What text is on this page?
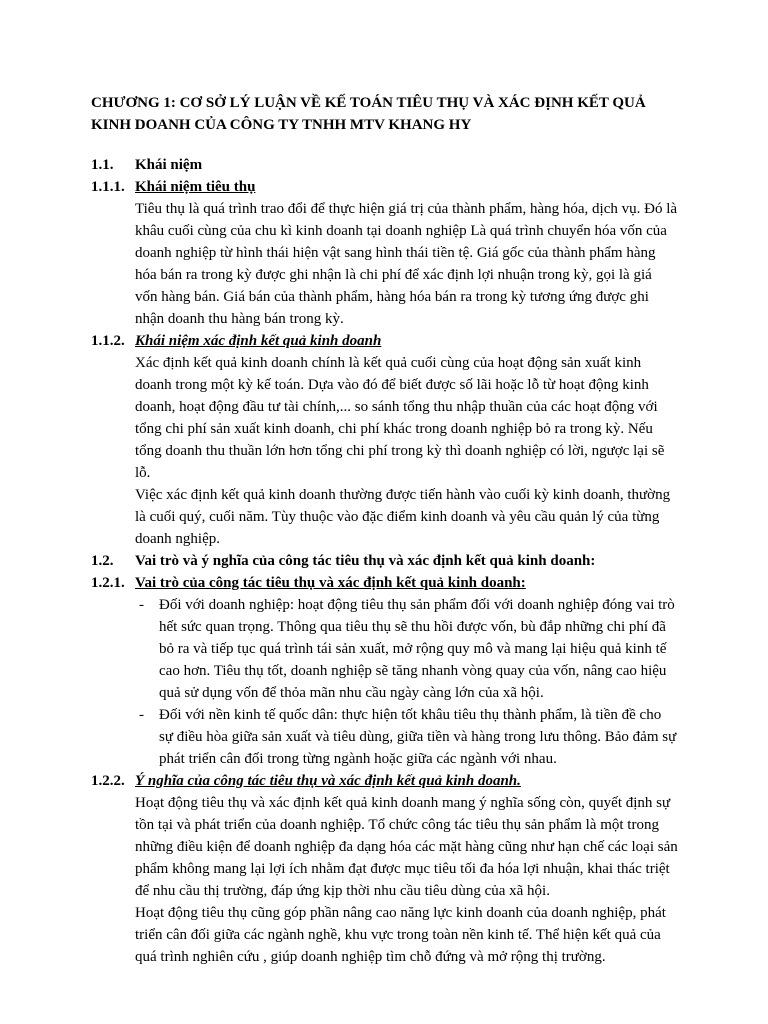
CHƯƠNG 1: CƠ SỞ LÝ LUẬN VỀ KẾ TOÁN TIÊU THỤ VÀ XÁC ĐỊNH KẾT QUẢ KINH DOANH CỦA CÔNG TY TNHH MTV KHANG HY
1.1.	Khái niệm
1.1.1. Khái niệm tiêu thụ

Tiêu thụ là quá trình trao đổi để thực hiện giá trị của thành phẩm, hàng hóa, dịch vụ. Đó là khâu cuối cùng của chu kì kinh doanh tại doanh nghiệp Là quá trình chuyển hóa vốn của doanh nghiệp từ hình thái hiện vật sang hình thái tiền tệ. Giá gốc của thành phẩm hàng hóa bán ra trong kỳ được ghi nhận là chi phí để xác định lợi nhuận trong kỳ, gọi là giá vốn hàng bán. Giá bán của thành phẩm, hàng hóa bán ra trong kỳ tương ứng được ghi nhận doanh thu hàng bán trong kỳ.

1.1.2. Khái niệm xác định kết quả kinh doanh

Xác định kết quả kinh doanh chính là kết quả cuối cùng của hoạt động sản xuất kinh doanh trong một kỳ kế toán. Dựa vào đó để biết được số lãi hoặc lỗ từ hoạt động kinh doanh, hoạt động đầu tư tài chính,... so sánh tổng thu nhập thuần của các hoạt động với tổng chi phí sản xuất kinh doanh, chi phí khác trong doanh nghiệp bỏ ra trong kỳ. Nếu tổng doanh thu thuần lớn hơn tổng chi phí trong kỳ thì doanh nghiệp có lời, ngược lại sẽ lỗ.

Việc xác định kết quả kinh doanh thường được tiến hành vào cuối kỳ kinh doanh, thường là cuối quý, cuối năm. Tùy thuộc vào đặc điểm kinh doanh và yêu cầu quản lý của từng doanh nghiệp.

1.2.	Vai trò và ý nghĩa của công tác tiêu thụ và xác định kết quả kinh doanh:
1.2.1. Vai trò của công tác tiêu thụ và xác định kết quả kinh doanh:
-	Đối với doanh nghiệp: hoạt động tiêu thụ sản phẩm đối với doanh nghiệp đóng vai trò hết sức quan trọng. Thông qua tiêu thụ sẽ thu hồi được vốn, bù đắp những chi phí đã bỏ ra và tiếp tục quá trình tái sản xuất, mở rộng quy mô và mang lại hiệu quả kinh tế cao hơn. Tiêu thụ tốt, doanh nghiệp sẽ tăng nhanh vòng quay của vốn, nâng cao hiệu quả sử dụng vốn để thỏa mãn nhu cầu ngày càng lớn của xã hội.
-	Đối với nền kinh tế quốc dân: thực hiện tốt khâu tiêu thụ thành phẩm, là tiền đề cho sự điều hòa giữa sản xuất và tiêu dùng, giữa tiền và hàng trong lưu thông. Bảo đảm sự phát triển cân đối trong từng ngành hoặc giữa các ngành với nhau.
1.2.2. Ý nghĩa của công tác tiêu thụ và xác định kết quả kinh doanh.

Hoạt động tiêu thụ và xác định kết quả kinh doanh mang ý nghĩa sống còn, quyết định sự tồn tại và phát triển của doanh nghiệp. Tổ chức công tác tiêu thụ sản phẩm là một trong những điều kiện để doanh nghiệp đa dạng hóa các mặt hàng cũng như hạn chế các loại sản phẩm không mang lại lợi ích nhằm đạt được mục tiêu tối đa hóa lợi nhuận, khai thác triệt để nhu cầu thị trường, đáp ứng kịp thời nhu cầu tiêu dùng của xã hội.

Hoạt động tiêu thụ cũng góp phần nâng cao năng lực kinh doanh của doanh nghiệp, phát triển cân đối giữa các ngành nghề, khu vực trong toàn nền kinh tế. Thể hiện kết quả của quá trình nghiên cứu , giúp doanh nghiệp tìm chỗ đứng và mở rộng thị trường.
